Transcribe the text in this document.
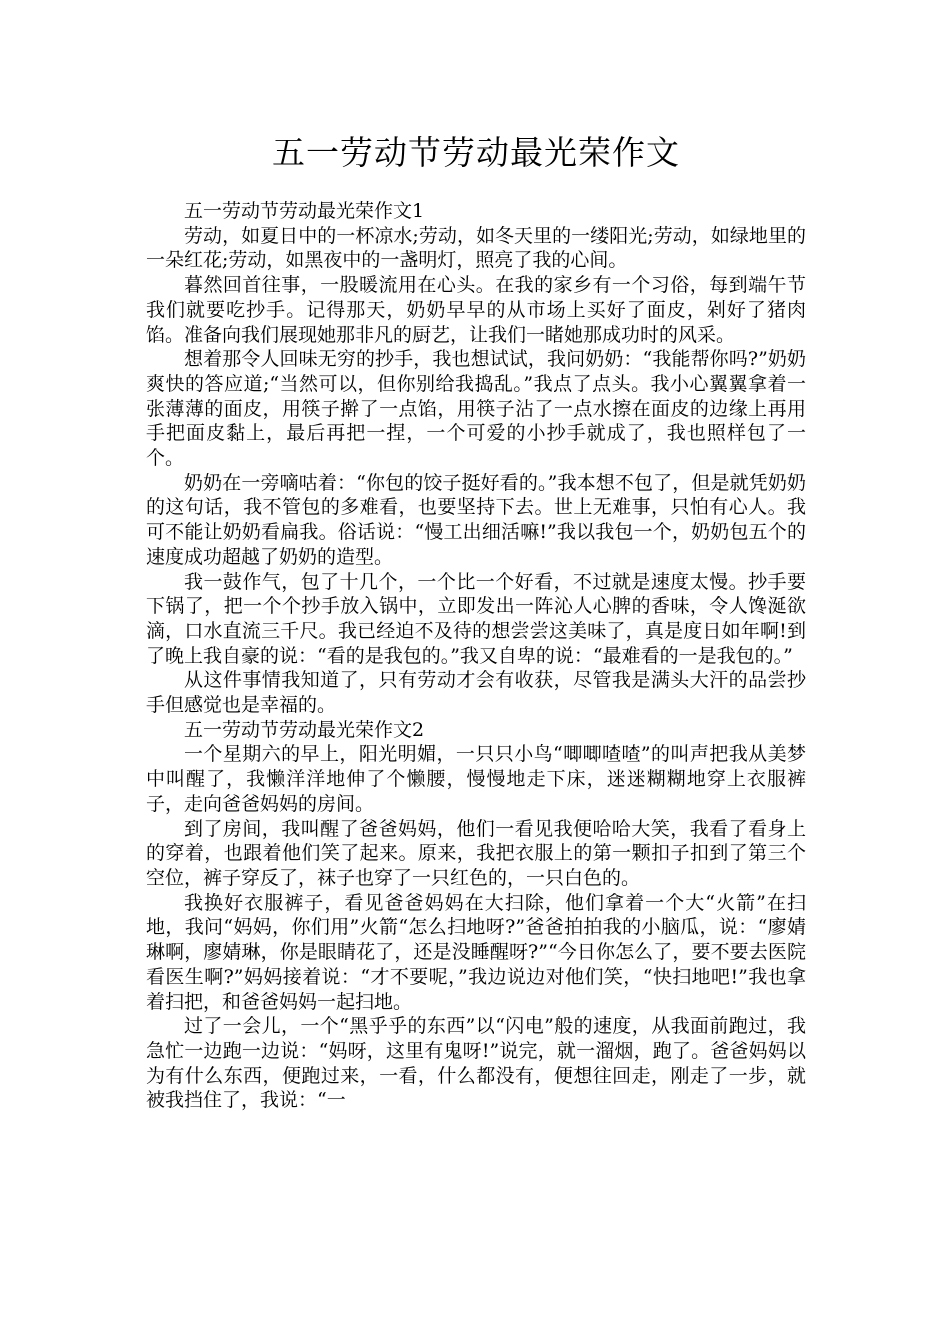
五一劳动节劳动最光荣作文

五一劳动节劳动最光荣作文1

劳动，如夏日中的一杯凉水;劳动，如冬天里的一缕阳光;劳动，如绿地里的一朵红花;劳动，如黑夜中的一盏明灯，照亮了我的心间。

暮然回首往事，一股暖流用在心头。在我的家乡有一个习俗，每到端午节我们就要吃抄手。记得那天，奶奶早早的从市场上买好了面皮，剁好了猪肉馅。准备向我们展现她那非凡的厨艺，让我们一睹她那成功时的风采。

想着那令人回味无穷的抄手，我也想试试，我问奶奶：“我能帮你吗?”奶奶爽快的答应道;“当然可以，但你别给我捣乱。”我点了点头。我小心翼翼拿着一张薄薄的面皮，用筷子擀了一点馅，用筷子沾了一点水擦在面皮的边缘上再用手把面皮黏上，最后再把一捏，一个可爱的小抄手就成了，我也照样包了一个。

奶奶在一旁嘀咕着：“你包的饺子挺好看的。”我本想不包了，但是就凭奶奶的这句话，我不管包的多难看，也要坚持下去。世上无难事，只怕有心人。我可不能让奶奶看扁我。俗话说：“慢工出细活嘛!”我以我包一个，奶奶包五个的速度成功超越了奶奶的造型。

我一鼓作气，包了十几个，一个比一个好看，不过就是速度太慢。抄手要下锅了，把一个个抄手放入锅中，立即发出一阵沁人心脾的香味，令人馋涎欲滴，口水直流三千尺。我已经迫不及待的想尝尝这美味了，真是度日如年啊!到了晚上我自豪的说：“看的是我包的。”我又自卑的说：“最难看的一是我包的。”

从这件事情我知道了，只有劳动才会有收获，尽管我是满头大汗的品尝抄手但感觉也是幸福的。

五一劳动节劳动最光荣作文2

一个星期六的早上，阳光明媚，一只只小鸟“唧唧喳喳”的叫声把我从美梦中叫醒了，我懒洋洋地伸了个懒腰，慢慢地走下床，迷迷糊糊地穿上衣服裤子，走向爸爸妈妈的房间。

到了房间，我叫醒了爸爸妈妈，他们一看见我便哈哈大笑，我看了看身上的穿着，也跟着他们笑了起来。原来，我把衣服上的第一颗扣子扣到了第三个空位，裤子穿反了，袜子也穿了一只红色的，一只白色的。

我换好衣服裤子，看见爸爸妈妈在大扫除，他们拿着一个大“火箭”在扫地，我问“妈妈，你们用”火箭“怎么扫地呀?”爸爸拍拍我的小脑瓜，说：“廖婧琳啊，廖婧琳，你是眼睛花了，还是没睡醒呀?”“今日你怎么了，要不要去医院看医生啊?”妈妈接着说：“才不要呢，”我边说边对他们笑，“快扫地吧!”我也拿着扫把，和爸爸妈妈一起扫地。

过了一会儿，一个“黑乎乎的东西”以“闪电”般的速度，从我面前跑过，我急忙一边跑一边说：“妈呀，这里有鬼呀!”说完，就一溜烟，跑了。爸爸妈妈以为有什么东西，便跑过来，一看，什么都没有，便想往回走，刚走了一步，就被我挡住了，我说：“一
